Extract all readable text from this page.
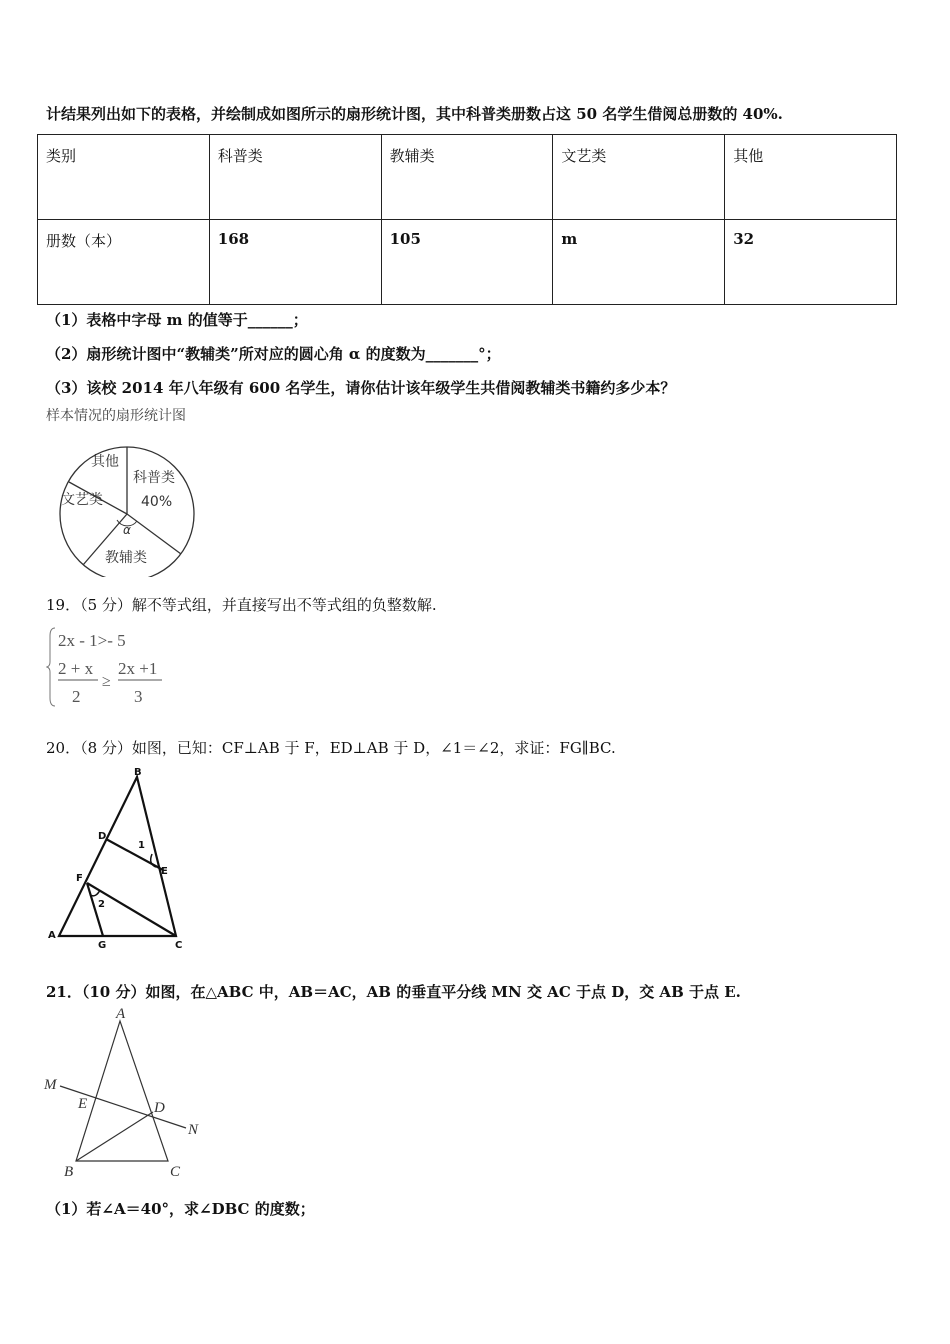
计结果列出如下的表格，并绘制成如图所示的扇形统计图，其中科普类册数占这 50 名学生借阅总册数的 40%.
类别	科普类	教辅类	文艺类	其他
册数（本）	168	105	m	32
（1）表格中字母 m 的值等于______；
（2）扇形统计图中“教辅类”所对应的圆心角 α 的度数为_______°；
（3）该校 2014 年八年级有 600 名学生，请你估计该年级学生共借阅教辅类书籍约多少本？
样本情况的扇形统计图
科普类
40%
其他
文艺类
教辅类
α
19．（5 分）解不等式组，并直接写出不等式组的负整数解.
2x - 1>- 5
2 + x
2
≥
2x +1
3
20．（8 分）如图，已知：CF⊥AB 于 F，ED⊥AB 于 D，∠1＝∠2，求证：FG∥BC.
B
D
1
E
F
2
A
G	C
21．（10 分）如图，在△ABC 中，AB＝AC，AB 的垂直平分线 MN 交 AC 于点 D，交 AB 于点 E.
A
M
E	D
N
B	C
（1）若∠A＝40°，求∠DBC 的度数；
